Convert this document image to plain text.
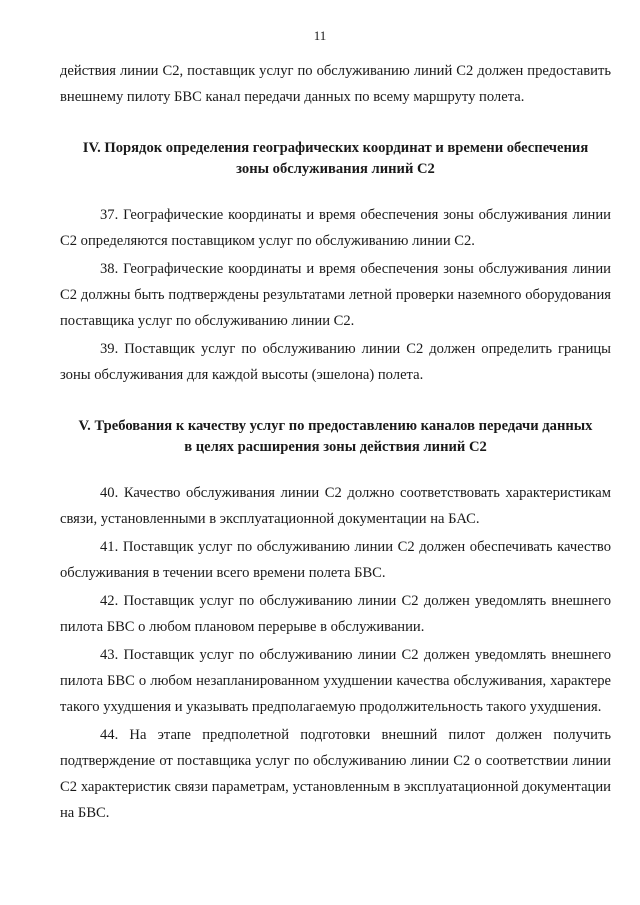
11

действия линии С2, поставщик услуг по обслуживанию линий С2 должен предоставить внешнему пилоту БВС канал передачи данных по всему маршруту полета.

IV. Порядок определения географических координат и времени обеспечения

зоны обслуживания линий С2

37. Географические координаты и время обеспечения зоны обслуживания линии С2 определяются поставщиком услуг по обслуживанию линии С2.

38. Географические координаты и время обеспечения зоны обслуживания линии С2 должны быть подтверждены результатами летной проверки наземного оборудования поставщика услуг по обслуживанию линии С2.

39. Поставщик услуг по обслуживанию линии С2 должен определить границы зоны обслуживания для каждой высоты (эшелона) полета.

V. Требования к качеству услуг по предоставлению каналов передачи данных

в целях расширения зоны действия линий С2

40. Качество обслуживания линии С2 должно соответствовать характеристикам связи, установленными в эксплуатационной документации на БАС.

41. Поставщик услуг по обслуживанию линии С2 должен обеспечивать качество обслуживания в течении всего времени полета БВС.

42. Поставщик услуг по обслуживанию линии С2 должен уведомлять внешнего пилота БВС о любом плановом перерыве в обслуживании.

43. Поставщик услуг по обслуживанию линии С2 должен уведомлять внешнего пилота БВС о любом незапланированном ухудшении качества обслуживания, характере такого ухудшения и указывать предполагаемую продолжительность такого ухудшения.

44. На этапе предполетной подготовки внешний пилот должен получить подтверждение от поставщика услуг по обслуживанию линии С2 о соответствии линии С2 характеристик связи параметрам, установленным в эксплуатационной документации на БВС.
